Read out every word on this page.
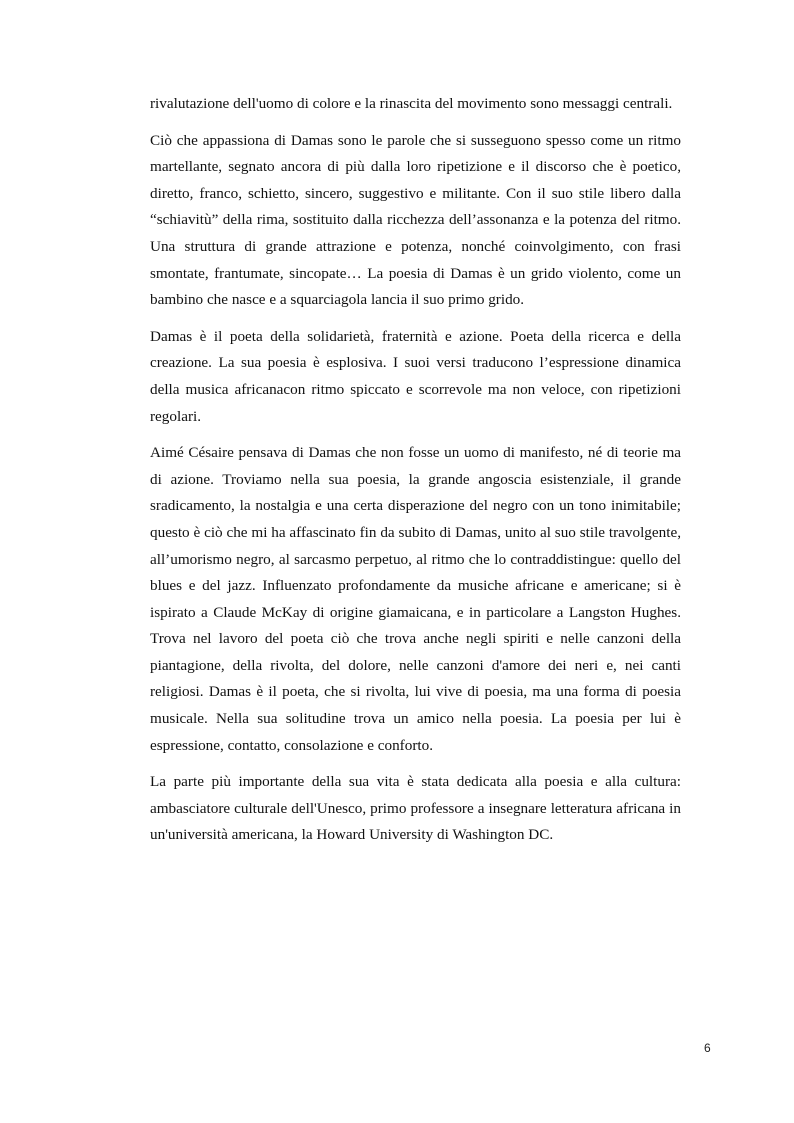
rivalutazione dell'uomo di colore e la rinascita del movimento sono messaggi centrali.

Ciò che appassiona di Damas sono le parole che si susseguono spesso come un ritmo martellante, segnato ancora di più dalla loro ripetizione e il discorso che è poetico, diretto, franco, schietto, sincero, suggestivo e militante. Con il suo stile libero dalla “schiavitù” della rima, sostituito dalla ricchezza dell’assonanza e la potenza del ritmo. Una struttura di grande attrazione e potenza, nonché coinvolgimento, con frasi smontate, frantumate, sincopate… La poesia di Damas è un grido violento, come un bambino che nasce e a squarciagola lancia il suo primo grido.

Damas è il poeta della solidarietà, fraternità e azione. Poeta della ricerca e della creazione. La sua poesia è esplosiva. I suoi versi traducono l’espressione dinamica della musica africanacon ritmo spiccato e scorrevole ma non veloce, con ripetizioni regolari.

Aimé Césaire pensava di Damas che non fosse un uomo di manifesto, né di teorie ma di azione. Troviamo nella sua poesia, la grande angoscia esistenziale, il grande sradicamento, la nostalgia e una certa disperazione del negro con un tono inimitabile; questo è ciò che mi ha affascinato fin da subito di Damas, unito al suo stile travolgente, all’umorismo negro, al sarcasmo perpetuo, al ritmo che lo contraddistingue: quello del blues e del jazz. Influenzato profondamente da musiche africane e americane; si è ispirato a Claude McKay di origine giamaicana, e in particolare a Langston Hughes. Trova nel lavoro del poeta ciò che trova anche negli spiriti e nelle canzoni della piantagione, della rivolta, del dolore, nelle canzoni d'amore dei neri e, nei canti religiosi. Damas è il poeta, che si rivolta, lui vive di poesia, ma una forma di poesia musicale. Nella sua solitudine trova un amico nella poesia. La poesia per lui è espressione, contatto, consolazione e conforto.

La parte più importante della sua vita è stata dedicata alla poesia e alla cultura: ambasciatore culturale dell'Unesco, primo professore a insegnare letteratura africana in un'università americana, la Howard University di Washington DC.

6
